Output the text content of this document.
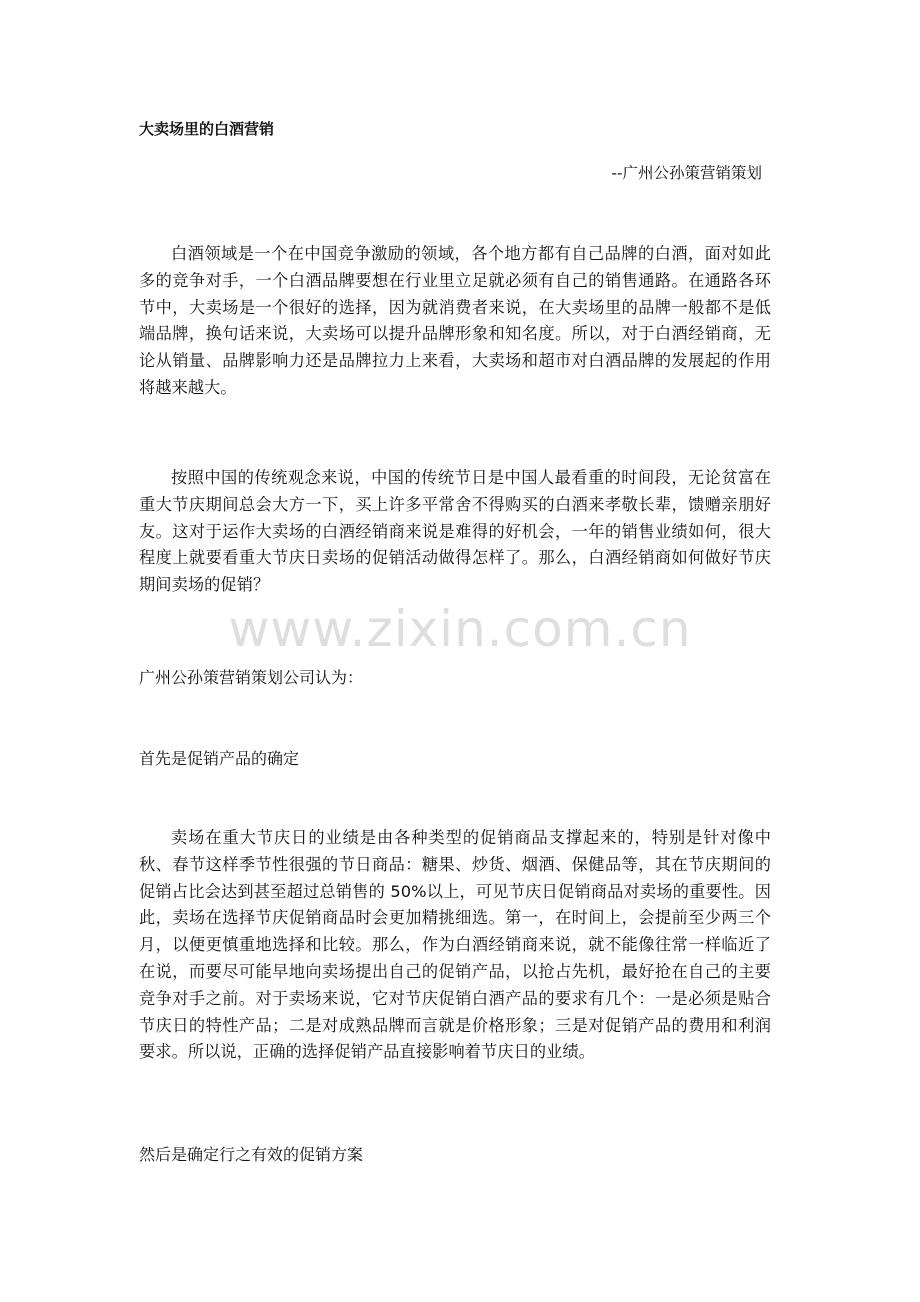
大卖场里的白酒营销

--广州公孙策营销策划

白酒领域是一个在中国竞争激励的领域，各个地方都有自己品牌的白酒，面对如此多的竞争对手，一个白酒品牌要想在行业里立足就必须有自己的销售通路。在通路各环节中，大卖场是一个很好的选择，因为就消费者来说，在大卖场里的品牌一般都不是低端品牌，换句话来说，大卖场可以提升品牌形象和知名度。所以，对于白酒经销商，无论从销量、品牌影响力还是品牌拉力上来看，大卖场和超市对白酒品牌的发展起的作用将越来越大。

按照中国的传统观念来说，中国的传统节日是中国人最看重的时间段，无论贫富在重大节庆期间总会大方一下，买上许多平常舍不得购买的白酒来孝敬长辈，馈赠亲朋好友。这对于运作大卖场的白酒经销商来说是难得的好机会，一年的销售业绩如何，很大程度上就要看重大节庆日卖场的促销活动做得怎样了。那么，白酒经销商如何做好节庆期间卖场的促销？

广州公孙策营销策划公司认为：

首先是促销产品的确定

卖场在重大节庆日的业绩是由各种类型的促销商品支撑起来的，特别是针对像中秋、春节这样季节性很强的节日商品：糖果、炒货、烟酒、保健品等，其在节庆期间的促销占比会达到甚至超过总销售的 50%以上，可见节庆日促销商品对卖场的重要性。因此，卖场在选择节庆促销商品时会更加精挑细选。第一，在时间上，会提前至少两三个月，以便更慎重地选择和比较。那么，作为白酒经销商来说，就不能像往常一样临近了在说，而要尽可能早地向卖场提出自己的促销产品，以抢占先机，最好抢在自己的主要竞争对手之前。对于卖场来说，它对节庆促销白酒产品的要求有几个：一是必须是贴合节庆日的特性产品；二是对成熟品牌而言就是价格形象；三是对促销产品的费用和利润要求。所以说，正确的选择促销产品直接影响着节庆日的业绩。

然后是确定行之有效的促销方案

www.zixin.com.cn
